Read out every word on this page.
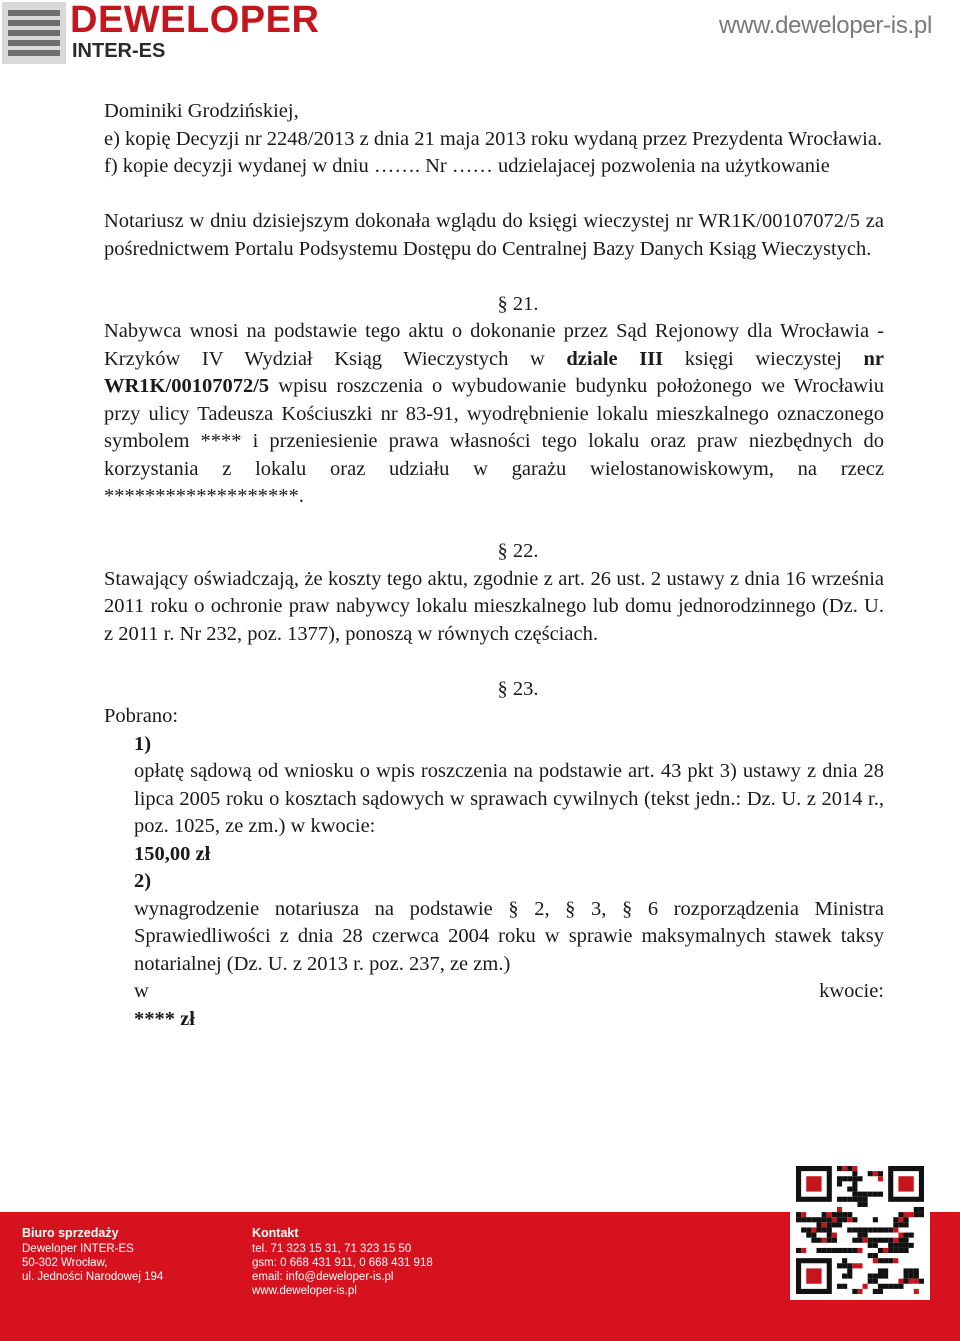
DEWELOPER
INTER-ES
www.deweloper-is.pl

Dominiki Grodzińskiej,

e) kopię Decyzji nr 2248/2013 z dnia 21 maja 2013 roku wydaną przez Prezydenta Wrocławia.

f) kopie decyzji wydanej w dniu ……. Nr …… udzielajacej pozwolenia na użytkowanie

Notariusz w dniu dzisiejszym dokonała wglądu do księgi wieczystej nr WR1K/00107072/5 za pośrednictwem Portalu Podsystemu Dostępu do Centralnej Bazy Danych Ksiąg Wieczystych.

§ 21.

Nabywca wnosi na podstawie tego aktu o dokonanie przez Sąd Rejonowy dla Wrocławia - Krzyków IV Wydział Ksiąg Wieczystych w dziale III księgi wieczystej nr WR1K/00107072/5 wpisu roszczenia o wybudowanie budynku położonego we Wrocławiu przy ulicy Tadeusza Kościuszki nr 83-91, wyodrębnienie lokalu mieszkalnego oznaczonego symbolem **** i przeniesienie prawa własności tego lokalu oraz praw niezbędnych do korzystania z lokalu oraz udziału w garażu wielostanowiskowym, na rzecz *******************.

§ 22.

Stawający oświadczają, że koszty tego aktu, zgodnie z art. 26 ust. 2 ustawy z dnia 16 września 2011 roku o ochronie praw nabywcy lokalu mieszkalnego lub domu jednorodzinnego (Dz. U. z 2011 r. Nr 232, poz. 1377), ponoszą w równych częściach.

§ 23.

Pobrano:

1)

opłatę sądową od wniosku o wpis roszczenia na podstawie art. 43 pkt 3) ustawy z dnia 28 lipca 2005 roku o kosztach sądowych w sprawach cywilnych (tekst jedn.: Dz. U. z 2014 r., poz. 1025, ze zm.) w kwocie:

150,00 zł

2)

wynagrodzenie notariusza na podstawie § 2, § 3, § 6 rozporządzenia Ministra Sprawiedliwości z dnia 28 czerwca 2004 roku w sprawie maksymalnych stawek taksy notarialnej (Dz. U. z 2013 r. poz. 237, ze zm.)

w	kwocie:

**** zł

Biuro sprzedaży
Deweloper INTER-ES
50-302 Wrocław,
ul. Jedności Narodowej 194
Kontakt
tel. 71 323 15 31, 71 323 15 50
gsm: 0 668 431 911, 0 668 431 918
email: info@deweloper-is.pl
www.deweloper-is.pl
